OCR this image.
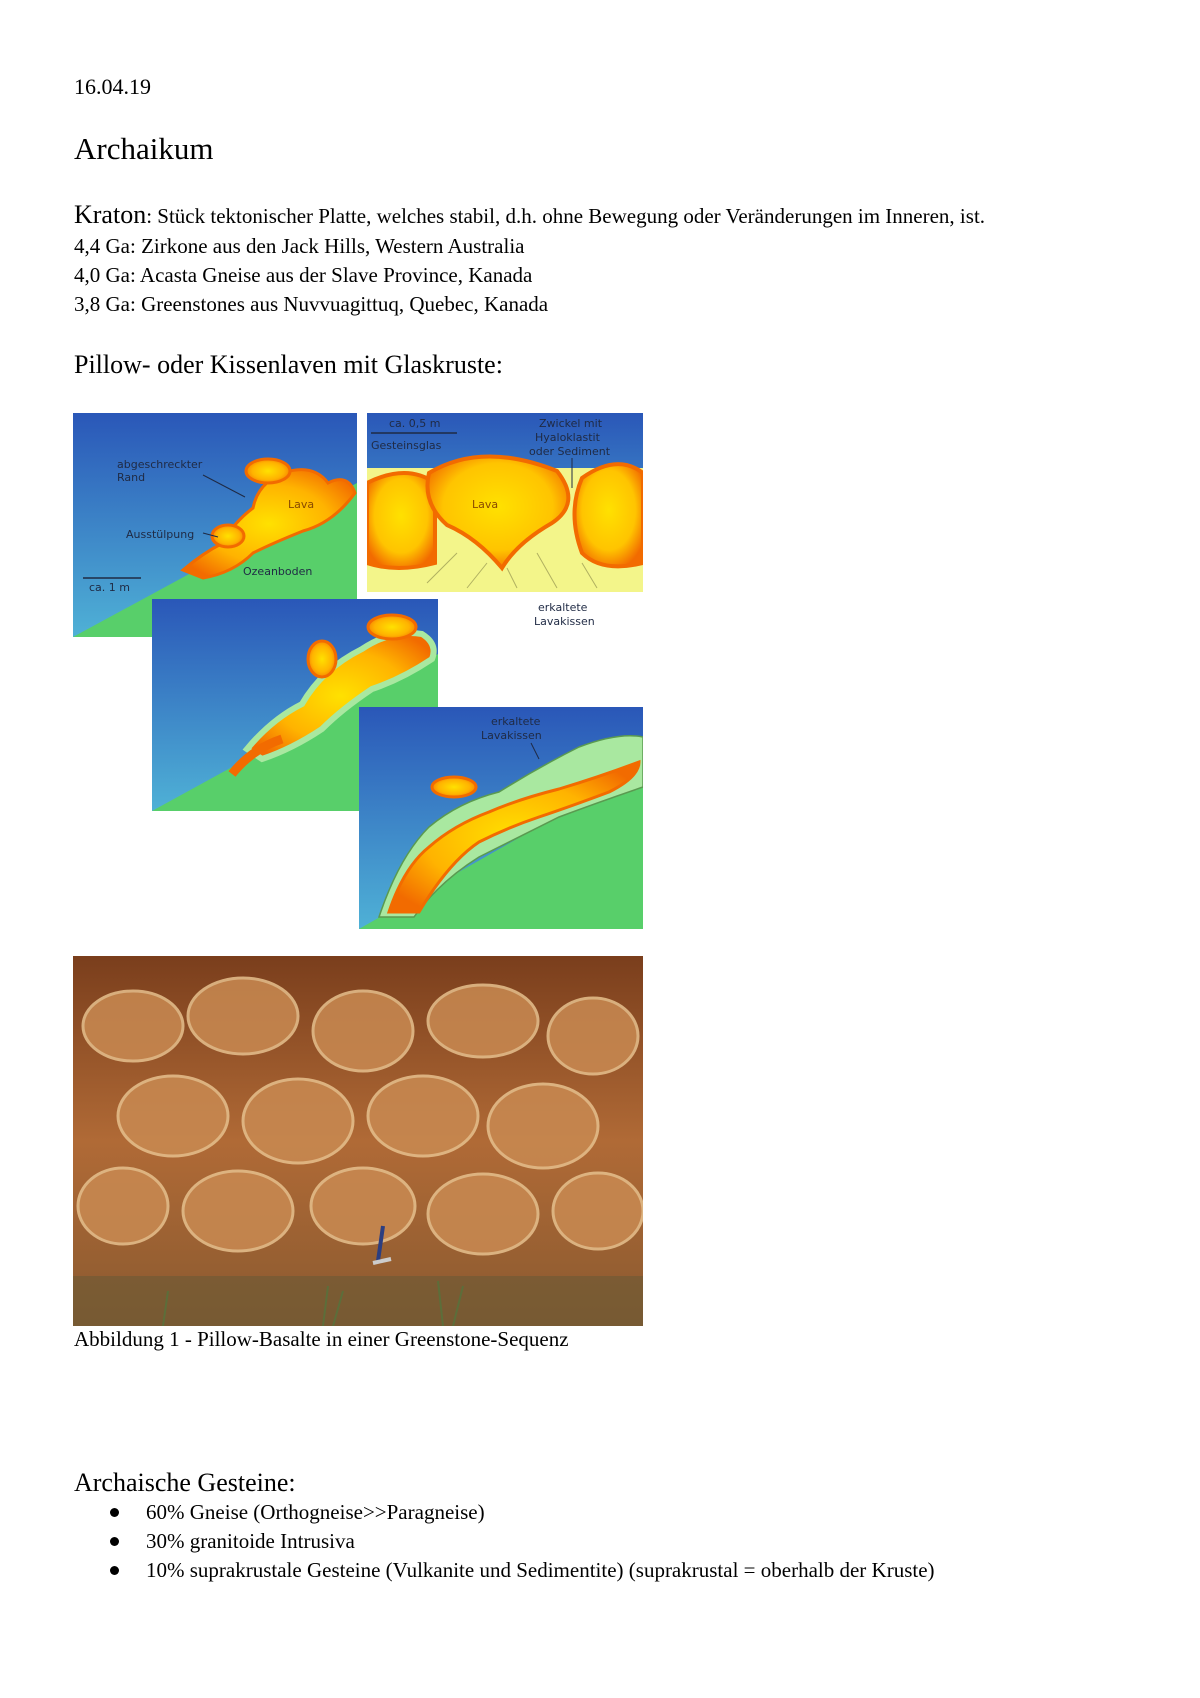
16.04.19
Archaikum
Kraton: Stück tektonischer Platte, welches stabil, d.h. ohne Bewegung oder Veränderungen im Inneren, ist.
4,4 Ga: Zirkone aus den Jack Hills, Western Australia
4,0 Ga: Acasta Gneise aus der Slave Province, Kanada
3,8 Ga: Greenstones aus Nuvvuagittuq, Quebec, Kanada
Pillow- oder Kissenlaven mit Glaskruste:
abgeschreckter
Rand
Lava
Ausstülpung
Ozeanboden
ca. 1 m
ca. 0,5 m
Gesteinsglas
Zwickel mit
Hyaloklastit
oder Sediment
Lava
erkaltete
Lavakissen
erkaltete
Lavakissen
Abbildung 1 - Pillow-Basalte in einer Greenstone-Sequenz
Archaische Gesteine:
60% Gneise (Orthogneise>>Paragneise)
30% granitoide Intrusiva
10% suprakrustale Gesteine (Vulkanite und Sedimentite) (suprakrustal = oberhalb der Kruste)
